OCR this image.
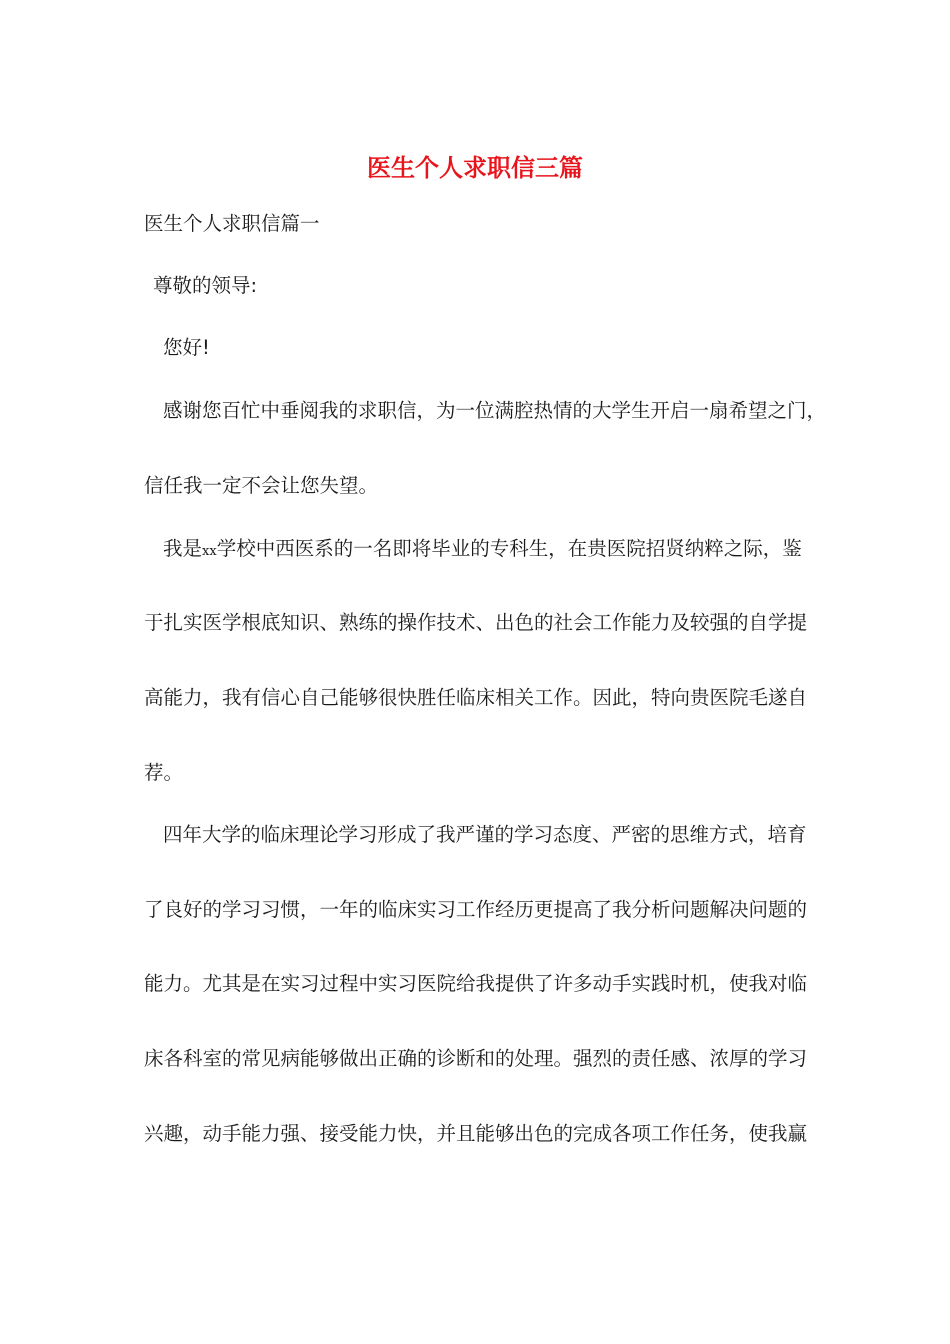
医生个人求职信三篇

医生个人求职信篇一

尊敬的领导:

您好!

感谢您百忙中垂阅我的求职信，为一位满腔热情的大学生开启一扇希望之门，

信任我一定不会让您失望。

我是xx学校中西医系的一名即将毕业的专科生，在贵医院招贤纳粹之际，鉴

于扎实医学根底知识、熟练的操作技术、出色的社会工作能力及较强的自学提

高能力，我有信心自己能够很快胜任临床相关工作。因此，特向贵医院毛遂自

荐。

四年大学的临床理论学习形成了我严谨的学习态度、严密的思维方式，培育

了良好的学习习惯，一年的临床实习工作经历更提高了我分析问题解决问题的

能力。尤其是在实习过程中实习医院给我提供了许多动手实践时机，使我对临

床各科室的常见病能够做出正确的诊断和的处理。强烈的责任感、浓厚的学习

兴趣，动手能力强、接受能力快，并且能够出色的完成各项工作任务，使我赢
